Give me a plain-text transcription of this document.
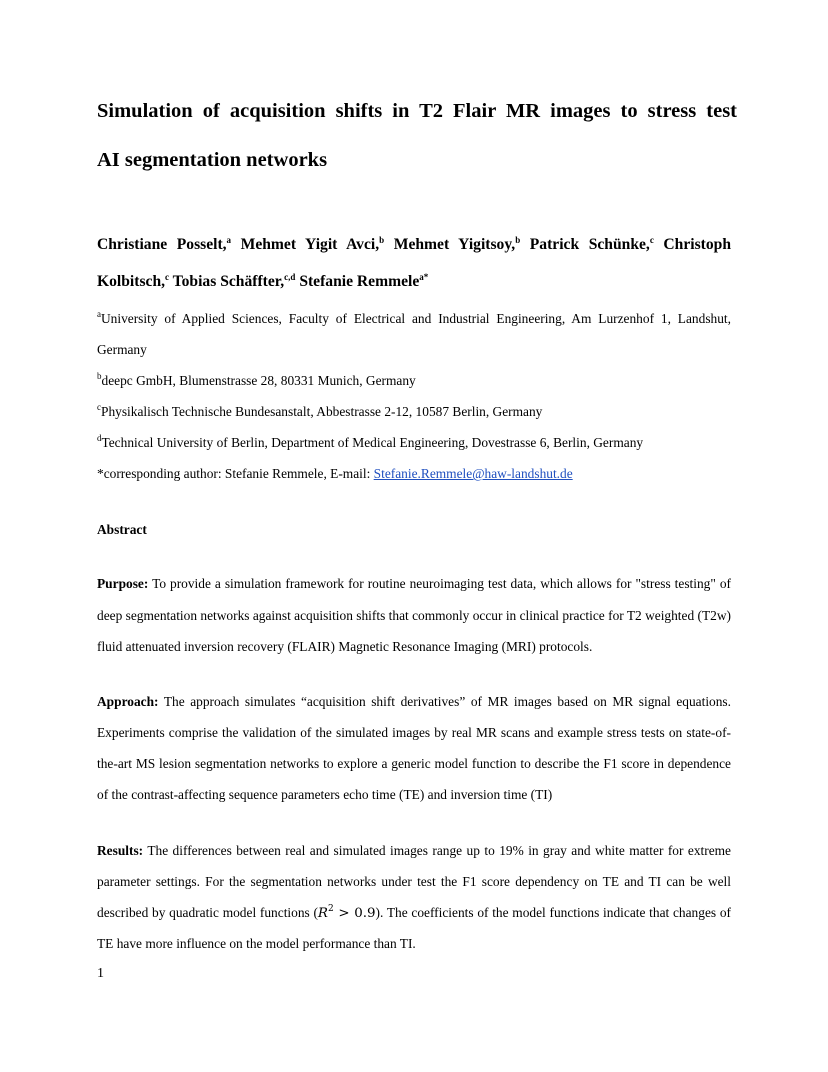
Simulation of acquisition shifts in T2 Flair MR images to stress test
AI segmentation networks
Christiane Posselt,$^a$ Mehmet Yigit Avci,$^b$ Mehmet Yigitsoy,$^b$ Patrick Schünke,$^c$ Christoph
Kolbitsch,$^c$ Tobias Schäffter,$^{c,d}$ Stefanie Remmele$^{a*}$
$^a$University of Applied Sciences, Faculty of Electrical and Industrial Engineering, Am Lurzenhof 1, Landshut,
Germany
$^b$deepc GmbH, Blumenstrasse 28, 80331 Munich, Germany
$^c$Physikalisch Technische Bundesanstalt, Abbestrasse 2-12, 10587 Berlin, Germany
$^d$Technical University of Berlin, Department of Medical Engineering, Dovestrasse 6, Berlin, Germany
*corresponding author: Stefanie Remmele, E-mail: Stefanie.Remmele@haw-landshut.de
Abstract
Purpose: To provide a simulation framework for routine neuroimaging test data, which allows for "stress testing" of
deep segmentation networks against acquisition shifts that commonly occur in clinical practice for T2 weighted (T2w)
fluid attenuated inversion recovery (FLAIR) Magnetic Resonance Imaging (MRI) protocols.
Approach: The approach simulates “acquisition shift derivatives” of MR images based on MR signal equations.
Experiments comprise the validation of the simulated images by real MR scans and example stress tests on state-of-
the-art MS lesion segmentation networks to explore a generic model function to describe the F1 score in dependence
of the contrast-affecting sequence parameters echo time (TE) and inversion time (TI)
Results: The differences between real and simulated images range up to 19% in gray and white matter for extreme
parameter settings. For the segmentation networks under test the F1 score dependency on TE and TI can be well
described by quadratic model functions $(R^2 > 0.9)$. The coefficients of the model functions indicate that changes of
TE have more influence on the model performance than TI.
1
